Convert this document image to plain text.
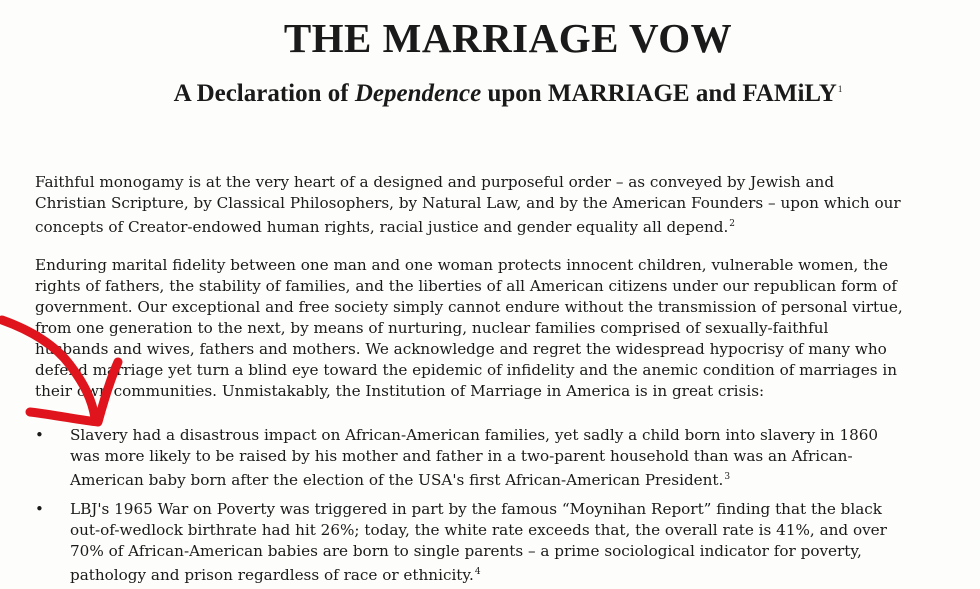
THE MARRIAGE VOW
A Declaration of Dependence upon MARRIAGE and FAMiLY$^1$

Faithful monogamy is at the very heart of a designed and purposeful order – as conveyed by Jewish and
Christian Scripture, by Classical Philosophers, by Natural Law, and by the American Founders – upon which our
concepts of Creator-endowed human rights, racial justice and gender equality all depend.$^2$

Enduring marital fidelity between one man and one woman protects innocent children, vulnerable women, the
rights of fathers, the stability of families, and the liberties of all American citizens under our republican form of
government. Our exceptional and free society simply cannot endure without the transmission of personal virtue,
from one generation to the next, by means of nurturing, nuclear families comprised of sexually-faithful
husbands and wives, fathers and mothers. We acknowledge and regret the widespread hypocrisy of many who
defend marriage yet turn a blind eye toward the epidemic of infidelity and the anemic condition of marriages in
their own communities. Unmistakably, the Institution of Marriage in America is in great crisis:

• Slavery had a disastrous impact on African-American families, yet sadly a child born into slavery in 1860
was more likely to be raised by his mother and father in a two-parent household than was an African-
American baby born after the election of the USA's first African-American President.$^3$
• LBJ's 1965 War on Poverty was triggered in part by the famous “Moynihan Report” finding that the black
out-of-wedlock birthrate had hit 26%; today, the white rate exceeds that, the overall rate is 41%, and over
70% of African-American babies are born to single parents – a prime sociological indicator for poverty,
pathology and prison regardless of race or ethnicity.$^4$
